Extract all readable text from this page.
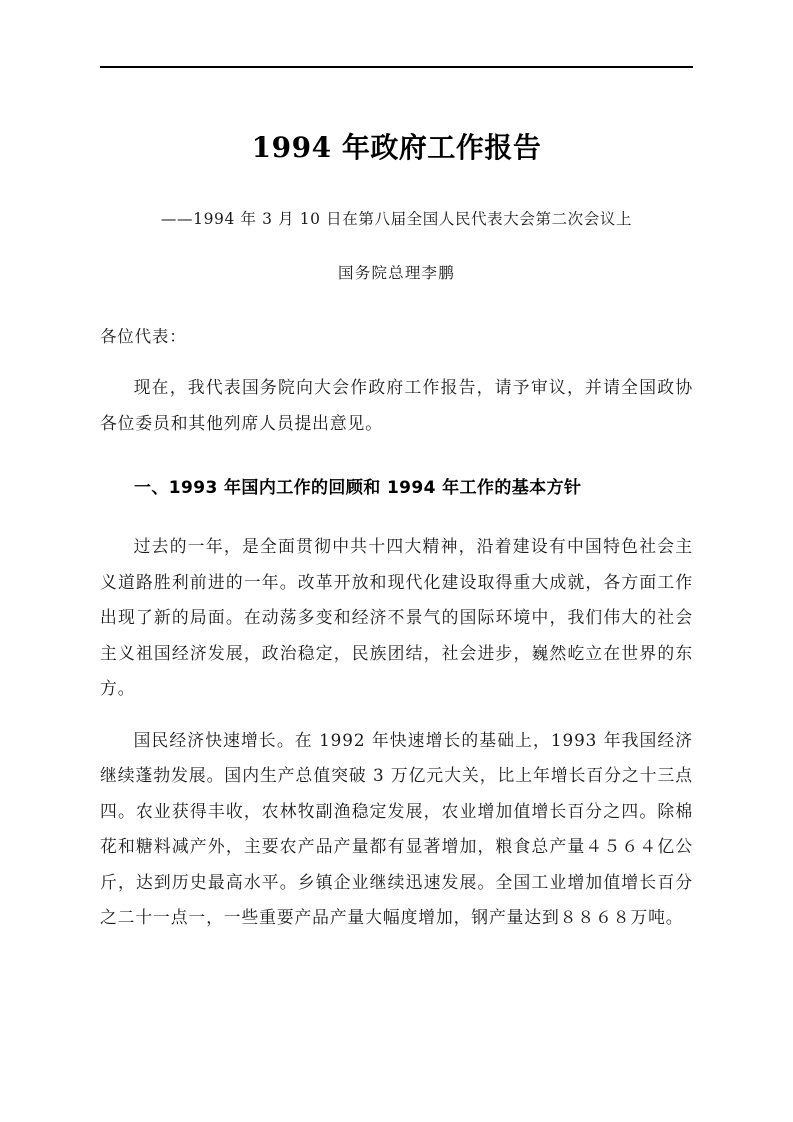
1994 年政府工作报告

——1994 年 3 月 10 日在第八届全国人民代表大会第二次会议上

国务院总理李鹏

各位代表：

现在，我代表国务院向大会作政府工作报告，请予审议，并请全国政协各位委员和其他列席人员提出意见。

一、1993 年国内工作的回顾和 1994 年工作的基本方针

过去的一年，是全面贯彻中共十四大精神，沿着建设有中国特色社会主义道路胜利前进的一年。改革开放和现代化建设取得重大成就，各方面工作出现了新的局面。在动荡多变和经济不景气的国际环境中，我们伟大的社会主义祖国经济发展，政治稳定，民族团结，社会进步，巍然屹立在世界的东方。

国民经济快速增长。在 1992 年快速增长的基础上，1993 年我国经济继续蓬勃发展。国内生产总值突破 3 万亿元大关，比上年增长百分之十三点四。农业获得丰收，农林牧副渔稳定发展，农业增加值增长百分之四。除棉花和糖料减产外，主要农产品产量都有显著增加，粮食总产量４５６４亿公斤，达到历史最高水平。乡镇企业继续迅速发展。全国工业增加值增长百分之二十一点一，一些重要产品产量大幅度增加，钢产量达到８８６８万吨。
